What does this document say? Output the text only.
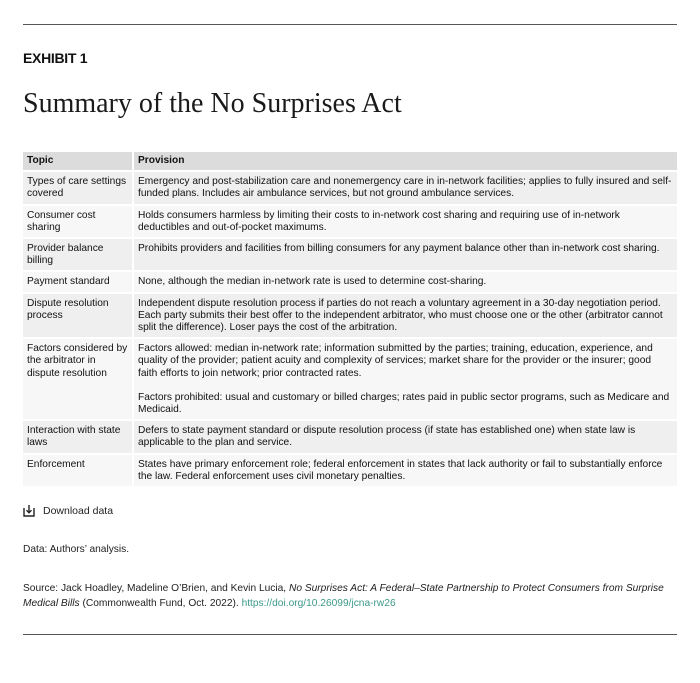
EXHIBIT 1
Summary of the No Surprises Act
Topic	Provision
Types of care settings covered	Emergency and post-stabilization care and nonemergency care in in-network facilities; applies to fully insured and self-funded plans. Includes air ambulance services, but not ground ambulance services.
Consumer cost sharing	Holds consumers harmless by limiting their costs to in-network cost sharing and requiring use of in-network deductibles and out-of-pocket maximums.
Provider balance billing	Prohibits providers and facilities from billing consumers for any payment balance other than in-network cost sharing.
Payment standard	None, although the median in-network rate is used to determine cost-sharing.
Dispute resolution process	Independent dispute resolution process if parties do not reach a voluntary agreement in a 30-day negotiation period. Each party submits their best offer to the independent arbitrator, who must choose one or the other (arbitrator cannot split the difference). Loser pays the cost of the arbitration.
Factors considered by the arbitrator in dispute resolution	Factors allowed: median in-network rate; information submitted by the parties; training, education, experience, and quality of the provider; patient acuity and complexity of services; market share for the provider or the insurer; good faith efforts to join network; prior contracted rates.
Factors prohibited: usual and customary or billed charges; rates paid in public sector programs, such as Medicare and Medicaid.

Interaction with state laws	Defers to state payment standard or dispute resolution process (if state has established one) when state law is applicable to the plan and service.
Enforcement	States have primary enforcement role; federal enforcement in states that lack authority or fail to substantially enforce the law. Federal enforcement uses civil monetary penalties.
Download data
Data: Authors’ analysis.
Source: Jack Hoadley, Madeline O’Brien, and Kevin Lucia, No Surprises Act: A Federal–State Partnership to Protect Consumers from Surprise Medical Bills (Commonwealth Fund, Oct. 2022). https://doi.org/10.26099/jcna-rw26
